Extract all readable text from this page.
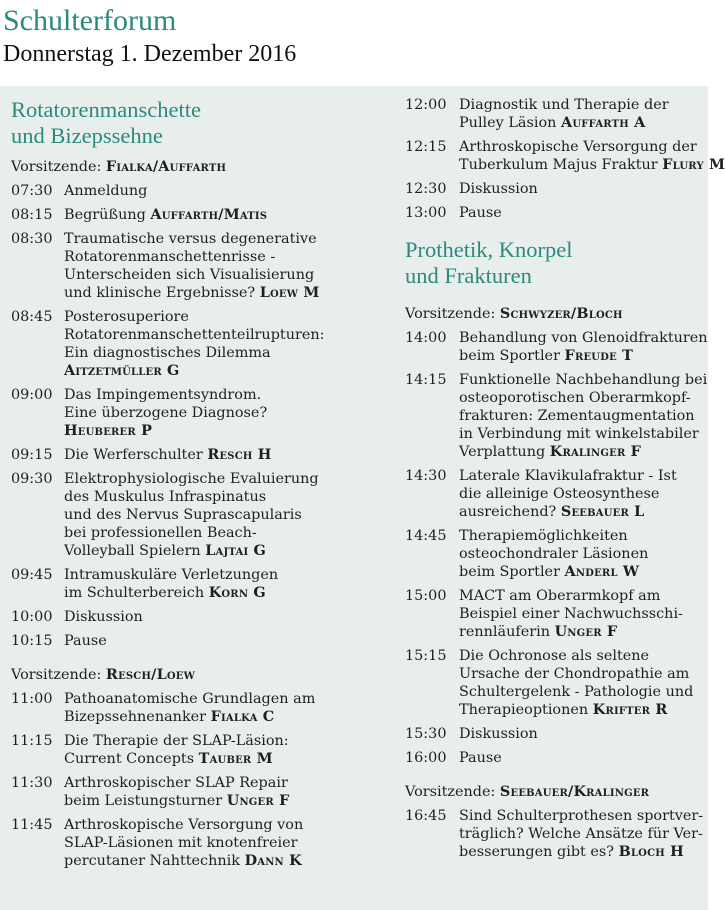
Schulterforum
Donnerstag 1. Dezember 2016
Rotatorenmanschette
und Bizepssehne
Vorsitzende: Fialka/Auffarth
07:30 Anmeldung
08:15 Begrüßung Auffarth/Matis
08:30 Traumatische versus degenerative
Rotatorenmanschettenrisse -
Unterscheiden sich Visualisierung
und klinische Ergebnisse? Loew M
08:45 Posterosuperiore
Rotatorenmanschettenteilrupturen:
Ein diagnostisches Dilemma
Aitzetmüller G
09:00 Das Impingementsyndrom.
Eine überzogene Diagnose?
Heuberer P
09:15 Die Werferschulter Resch H
09:30 Elektrophysiologische Evaluierung
des Muskulus Infraspinatus
und des Nervus Suprascapularis
bei professionellen Beach-
Volleyball Spielern Lajtai G
09:45 Intramuskuläre Verletzungen
im Schulterbereich Korn G
10:00 Diskussion
10:15 Pause
Vorsitzende: Resch/Loew
11:00 Pathoanatomische Grundlagen am
Bizepssehnenanker Fialka C
11:15 Die Therapie der SLAP-Läsion:
Current Concepts Tauber M
11:30 Arthroskopischer SLAP Repair
beim Leistungsturner Unger F
11:45 Arthroskopische Versorgung von
SLAP-Läsionen mit knotenfreier
percutaner Nahttechnik Dann K
12:00 Diagnostik und Therapie der
Pulley Läsion Auffarth A
12:15 Arthroskopische Versorgung der
Tuberkulum Majus Fraktur Flury M
12:30 Diskussion
13:00 Pause
Prothetik, Knorpel
und Frakturen
Vorsitzende: Schwyzer/Bloch
14:00 Behandlung von Glenoidfrakturen
beim Sportler Freude T
14:15 Funktionelle Nachbehandlung bei
osteoporotischen Oberarmkopf-
frakturen: Zementaugmentation
in Verbindung mit winkelstabiler
Verplattung Kralinger F
14:30 Laterale Klavikulafraktur - Ist
die alleinige Osteosynthese
ausreichend? Seebauer L
14:45 Therapiemöglichkeiten
osteochondraler Läsionen
beim Sportler Anderl W
15:00 MACT am Oberarmkopf am
Beispiel einer Nachwuchsschi-
rennläuferin Unger F
15:15 Die Ochronose als seltene
Ursache der Chondropathie am
Schultergelenk - Pathologie und
Therapieoptionen Krifter R
15:30 Diskussion
16:00 Pause
Vorsitzende: Seebauer/Kralinger
16:45 Sind Schulterprothesen sportver-
träglich? Welche Ansätze für Ver-
besserungen gibt es? Bloch H
